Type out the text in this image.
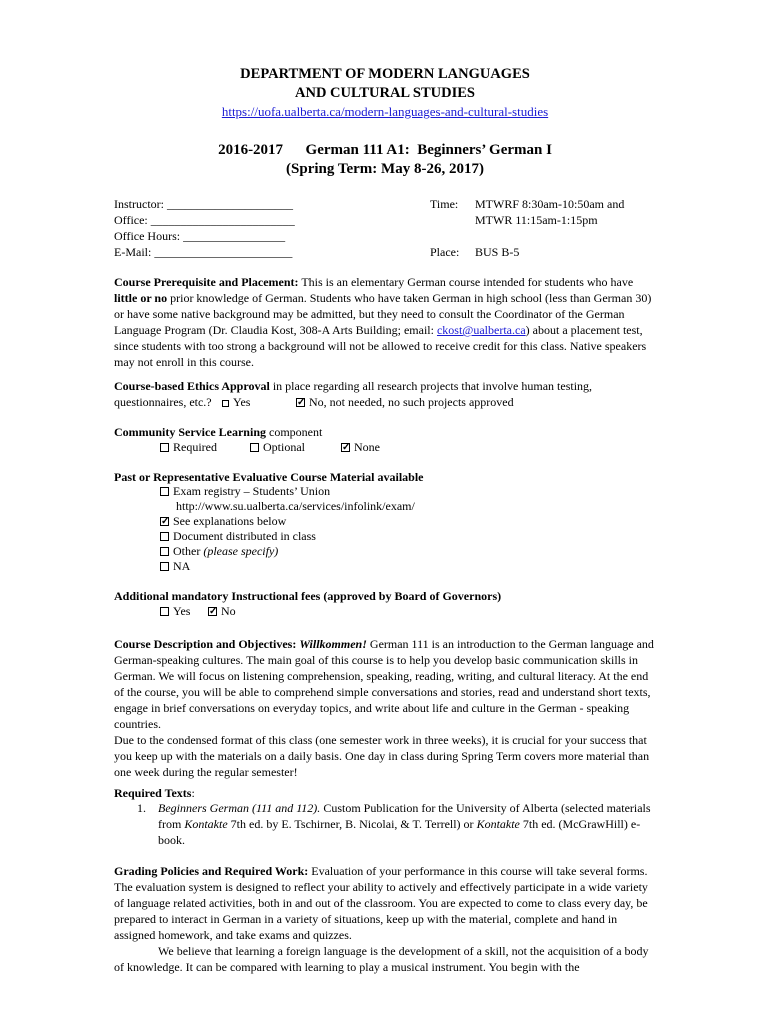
DEPARTMENT OF MODERN LANGUAGES
AND CULTURAL STUDIES
https://uofa.ualberta.ca/modern-languages-and-cultural-studies
2016-2017      German 111 A1:  Beginners’ German I
(Spring Term: May 8-26, 2017)
Instructor: _____________________
Office: ________________________
Office Hours: _________________
E-Mail: _______________________
Time: MTWRF 8:30am-10:50am and
MTWR 11:15am-1:15pm
Place: BUS B-5

Course Prerequisite and Placement: This is an elementary German course intended for students who have little or no prior knowledge of German. Students who have taken German in high school (less than German 30) or have some native background may be admitted, but they need to consult the Coordinator of the German Language Program (Dr. Claudia Kost, 308-A Arts Building; email: ckost@ualberta.ca) about a placement test, since students with too strong a background will not be allowed to receive credit for this class. Native speakers may not enroll in this course.

Course-based Ethics Approval in place regarding all research projects that involve human testing,

questionnaires, etc.?	Yes ✓	No, not needed, no such projects approved
Community Service Learning component
Required	Optional ✓	None
Past or Representative Evaluative Course Material available
Exam registry – Students’ Union
http://www.su.ualberta.ca/services/infolink/exam/
✓See explanations below
Document distributed in class
Other (please specify)
NA
Additional mandatory Instructional fees (approved by Board of Governors)
Yes ✓	No

Course Description and Objectives: Willkommen! German 111 is an introduction to the German language and German-speaking cultures. The main goal of this course is to help you develop basic communication skills in German. We will focus on listening comprehension, speaking, reading, writing, and cultural literacy. At the end of the course, you will be able to comprehend simple conversations and stories, read and understand short texts, engage in brief conversations on everyday topics, and write about life and culture in the German - speaking countries.

Due to the condensed format of this class (one semester work in three weeks), it is crucial for your success that you keep up with the materials on a daily basis. One day in class during Spring Term covers more material than one week during the regular semester!

Required Texts:
1. Beginners German (111 and 112). Custom Publication for the University of Alberta (selected materials from Kontakte 7th ed. by E. Tschirner, B. Nicolai, & T. Terrell) or Kontakte 7th ed. (McGrawHill) e-book.

Grading Policies and Required Work: Evaluation of your performance in this course will take several forms. The evaluation system is designed to reflect your ability to actively and effectively participate in a wide variety of language related activities, both in and out of the classroom. You are expected to come to class every day, be prepared to interact in German in a variety of situations, keep up with the material, complete and hand in assigned homework, and take exams and quizzes.

We believe that learning a foreign language is the development of a skill, not the acquisition of a body of knowledge. It can be compared with learning to play a musical instrument. You begin with the
